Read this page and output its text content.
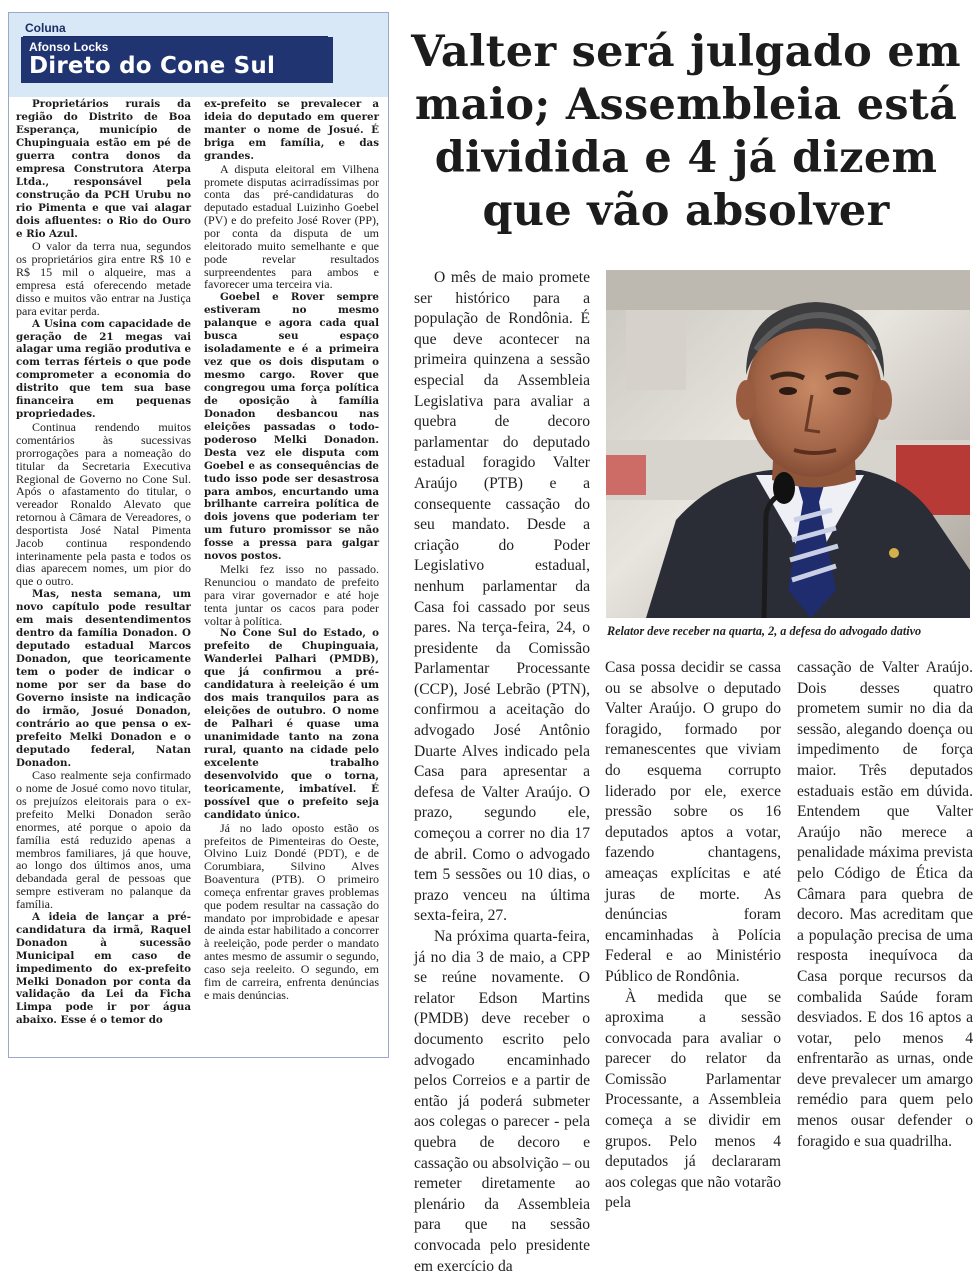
Coluna
Afonso Locks
Direto do Cone Sul

Proprietários rurais da região do Distrito de Boa Esperança, município de Chupinguaia estão em pé de guerra contra donos da empresa Construtora Aterpa Ltda., responsável pela construção da PCH Urubu no rio Pimenta e que vai alagar dois afluentes: o Rio do Ouro e Rio Azul.

O valor da terra nua, segundos os proprietários gira entre R$ 10 e R$ 15 mil o alqueire, mas a empresa está oferecendo metade disso e muitos vão entrar na Justiça para evitar perda.

A Usina com capacidade de geração de 21 megas vai alagar uma região produtiva e com terras férteis o que pode comprometer a economia do distrito que tem sua base financeira em pequenas propriedades.

Continua rendendo muitos comentários às sucessivas prorrogações para a nomeação do titular da Secretaria Executiva Regional de Governo no Cone Sul. Após o afastamento do titular, o vereador Ronaldo Alevato que retornou à Câmara de Vereadores, o desportista José Natal Pimenta Jacob continua respondendo interinamente pela pasta e todos os dias aparecem nomes, um pior do que o outro.

Mas, nesta semana, um novo capítulo pode resultar em mais desentendimentos dentro da família Donadon. O deputado estadual Marcos Donadon, que teoricamente tem o poder de indicar o nome por ser da base do Governo insiste na indicação do irmão, Josué Donadon, contrário ao que pensa o ex-prefeito Melki Donadon e o deputado federal, Natan Donadon.

Caso realmente seja confirmado o nome de Josué como novo titular, os prejuízos eleitorais para o ex-prefeito Melki Donadon serão enormes, até porque o apoio da família está reduzido apenas a membros familiares, já que houve, ao longo dos últimos anos, uma debandada geral de pessoas que sempre estiveram no palanque da família.

A ideia de lançar a pré-candidatura da irmã, Raquel Donadon à sucessão Municipal em caso de impedimento do ex-prefeito Melki Donadon por conta da validação da Lei da Ficha Limpa pode ir por água abaixo. Esse é o temor do

ex-prefeito se prevalecer a ideia do deputado em querer manter o nome de Josué. É briga em família, e das grandes.

A disputa eleitoral em Vilhena promete disputas acirradíssimas por conta das pré-candidaturas do deputado estadual Luizinho Goebel (PV) e do prefeito José Rover (PP), por conta da disputa de um eleitorado muito semelhante e que pode revelar resultados surpreendentes para ambos e favorecer uma terceira via.

Goebel e Rover sempre estiveram no mesmo palanque e agora cada qual busca seu espaço isoladamente e é a primeira vez que os dois disputam o mesmo cargo. Rover que congregou uma força política de oposição à família Donadon desbancou nas eleições passadas o todo-poderoso Melki Donadon. Desta vez ele disputa com Goebel e as consequências de tudo isso pode ser desastrosa para ambos, encurtando uma brilhante carreira política de dois jovens que poderiam ter um futuro promissor se não fosse a pressa para galgar novos postos.

Melki fez isso no passado. Renunciou o mandato de prefeito para virar governador e até hoje tenta juntar os cacos para poder voltar à política.

No Cone Sul do Estado, o prefeito de Chupinguaia, Wanderlei Palhari (PMDB), que já confirmou a pré-candidatura à reeleição é um dos mais tranquilos para as eleições de outubro. O nome de Palhari é quase uma unanimidade tanto na zona rural, quanto na cidade pelo excelente trabalho desenvolvido que o torna, teoricamente, imbatível. É possível que o prefeito seja candidato único.

Já no lado oposto estão os prefeitos de Pimenteiras do Oeste, Olvino Luiz Dondé (PDT), e de Corumbiara, Silvino Alves Boaventura (PTB). O primeiro começa enfrentar graves problemas que podem resultar na cassação do mandato por improbidade e apesar de ainda estar habilitado a concorrer à reeleição, pode perder o mandato antes mesmo de assumir o segundo, caso seja reeleito. O segundo, em fim de carreira, enfrenta denúncias e mais denúncias.

Valter será julgado em maio; Assembleia está dividida e 4 já dizem que vão absolver

O mês de maio promete ser histórico para a população de Rondônia. É que deve acontecer na primeira quinzena a sessão especial da Assembleia Legislativa para avaliar a quebra de decoro parlamentar do deputado estadual foragido Valter Araújo (PTB) e a consequente cassação do seu mandato. Desde a criação do Poder Legislativo estadual, nenhum parlamentar da Casa foi cassado por seus pares. Na terça-feira, 24, o presidente da Comissão Parlamentar Processante (CCP), José Lebrão (PTN), confirmou a aceitação do advogado José Antônio Duarte Alves indicado pela Casa para apresentar a defesa de Valter Araújo. O prazo, segundo ele, começou a correr no dia 17 de abril. Como o advogado tem 5 sessões ou 10 dias, o prazo venceu na última sexta-feira, 27.

Na próxima quarta-feira, já no dia 3 de maio, a CPP se reúne novamente. O relator Edson Martins (PMDB) deve receber o documento escrito pelo advogado encaminhado pelos Correios e a partir de então já poderá submeter aos colegas o parecer - pela quebra de decoro e cassação ou absolvição – ou remeter diretamente ao plenário da Assembleia para que na sessão convocada pelo presidente em exercício da

Relator deve receber na quarta, 2, a defesa do advogado dativo

Casa possa decidir se cassa ou se absolve o deputado Valter Araújo. O grupo do foragido, formado por remanescentes que viviam do esquema corrupto liderado por ele, exerce pressão sobre os 16 deputados aptos a votar, fazendo chantagens, ameaças explícitas e até juras de morte. As denúncias foram encaminhadas à Polícia Federal e ao Ministério Público de Rondônia.

À medida que se aproxima a sessão convocada para avaliar o parecer do relator da Comissão Parlamentar Processante, a Assembleia começa a se dividir em grupos. Pelo menos 4 deputados já declararam aos colegas que não votarão pela

cassação de Valter Araújo. Dois desses quatro prometem sumir no dia da sessão, alegando doença ou impedimento de força maior. Três deputados estaduais estão em dúvida. Entendem que Valter Araújo não merece a penalidade máxima prevista pelo Código de Ética da Câmara para quebra de decoro. Mas acreditam que a população precisa de uma resposta inequívoca da Casa porque recursos da combalida Saúde foram desviados. E dos 16 aptos a votar, pelo menos 4 enfrentarão as urnas, onde deve prevalecer um amargo remédio para quem pelo menos ousar defender o foragido e sua quadrilha.
